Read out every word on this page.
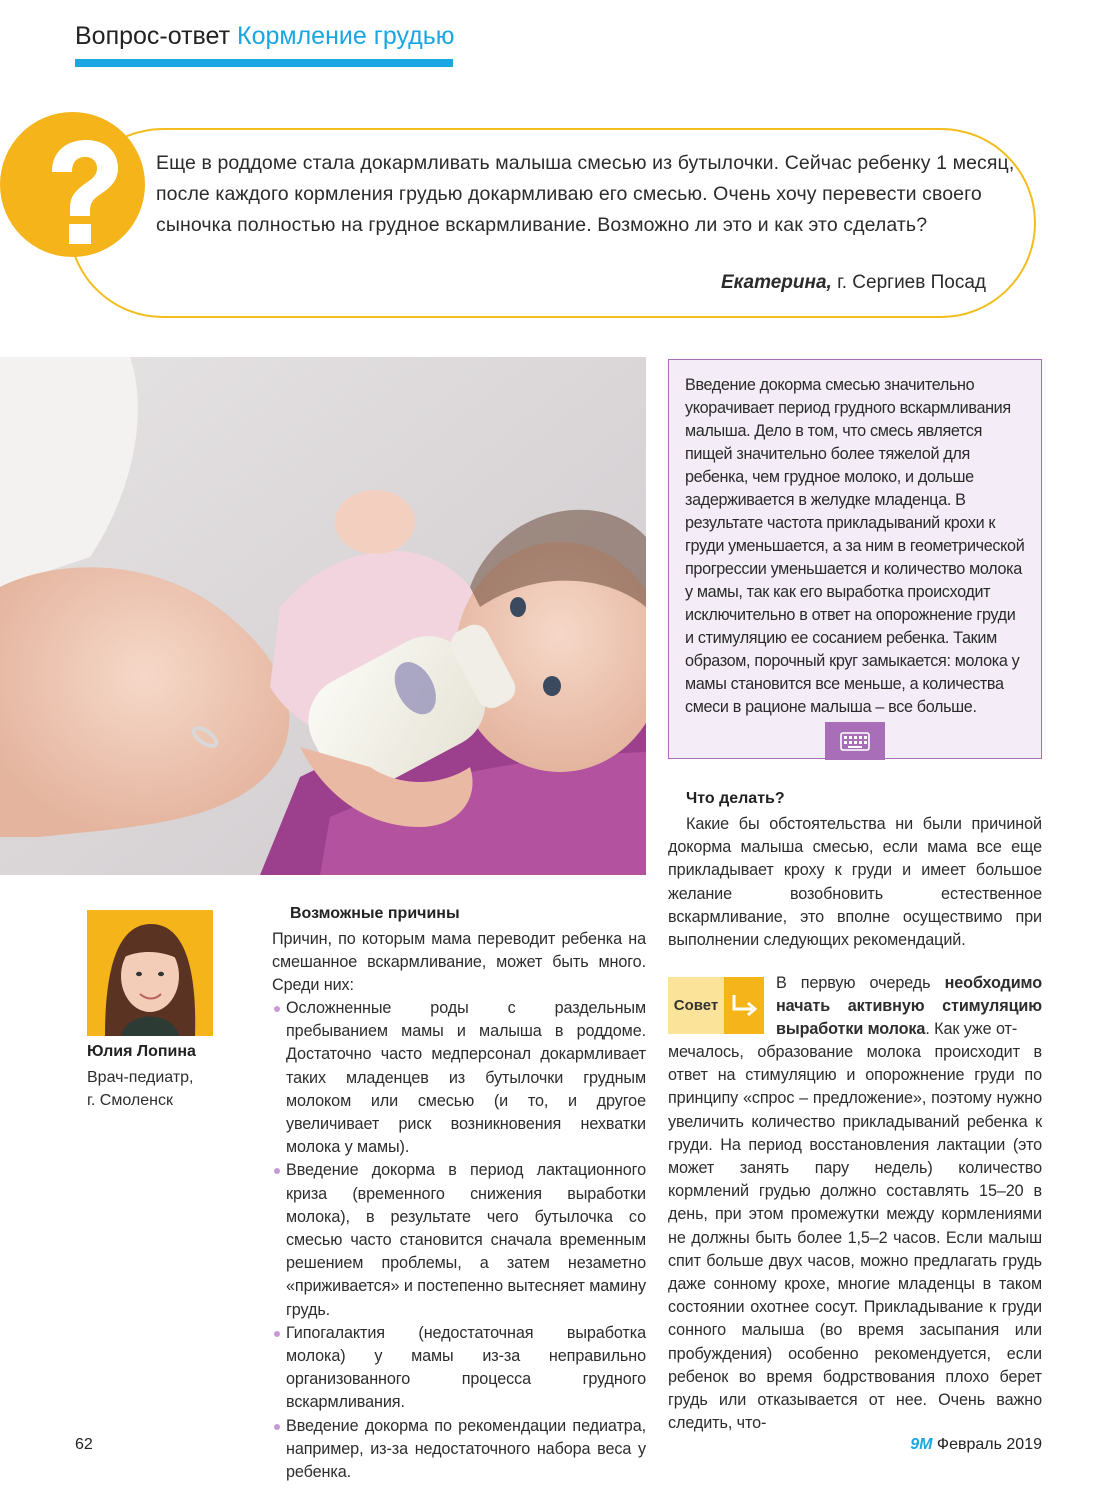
Вопрос-ответ Кормление грудью
Еще в роддоме стала докармливать малыша смесью из бутылочки. Сейчас ребенку 1 месяц, после каждого кормления грудью докармливаю его смесью. Очень хочу перевести своего сыночка полностью на грудное вскармливание. Возможно ли это и как это сделать?
Екатерина, г. Сергиев Посад
Введение докорма смесью значительно укорачивает период грудного вскармливания малыша. Дело в том, что смесь является пищей значительно более тяжелой для ребенка, чем грудное молоко, и дольше задерживается в желудке младенца. В результате частота прикладываний крохи к груди уменьшается, а за ним в геометрической прогрессии уменьшается и количество молока у мамы, так как его выработка происходит исключительно в ответ на опорожнение груди и стимуляцию ее сосанием ребенка. Таким образом, порочный круг замыкается: молока у мамы становится все меньше, а количества смеси в рационе малыша – все больше.
Что делать?
Какие бы обстоятельства ни были причиной докорма малыша смесью, если мама все еще прикладывает кроху к груди и имеет большое желание возобновить естественное вскармливание, это вполне осуществимо при выполнении следующих рекомендаций.
Совет
В первую очередь необходимо начать активную стимуляцию выработки молока. Как уже от-
мечалось, образование молока происходит в ответ на стимуляцию и опорожнение груди по принципу «спрос – предложение», поэтому нужно увеличить количество прикладываний ребенка к груди. На период восстановления лактации (это может занять пару недель) количество кормлений грудью должно составлять 15–20 в день, при этом промежутки между кормлениями не должны быть более 1,5–2 часов. Если малыш спит больше двух часов, можно предлагать грудь даже сонному крохе, многие младенцы в таком состоянии охотнее сосут. Прикладывание к груди сонного малыша (во время засыпания или пробуждения) особенно рекомендуется, если ребенок во время бодрствования плохо берет грудь или отказывается от нее. Очень важно следить, что-
Юлия Лопина
Врач-педиатр,
г. Смоленск
Возможные причины
Причин, по которым мама переводит ребенка на смешанное вскармливание, может быть много. Среди них:
Осложненные роды с раздельным пребыванием мамы и малыша в роддоме. Достаточно часто медперсонал докармливает таких младенцев из бутылочки грудным молоком или смесью (и то, и другое увеличивает риск возникновения нехватки молока у мамы).
Введение докорма в период лактационного криза (временного снижения выработки молока), в результате чего бутылочка со смесью часто становится сначала временным решением проблемы, а затем незаметно «приживается» и постепенно вытесняет мамину грудь.
Гипогалактия (недостаточная выработка молока) у мамы из-за неправильно организованного процесса грудного вскармливания.
Введение докорма по рекомендации педиатра, например, из-за недостаточного набора веса у ребенка.
62	9М Февраль 2019
